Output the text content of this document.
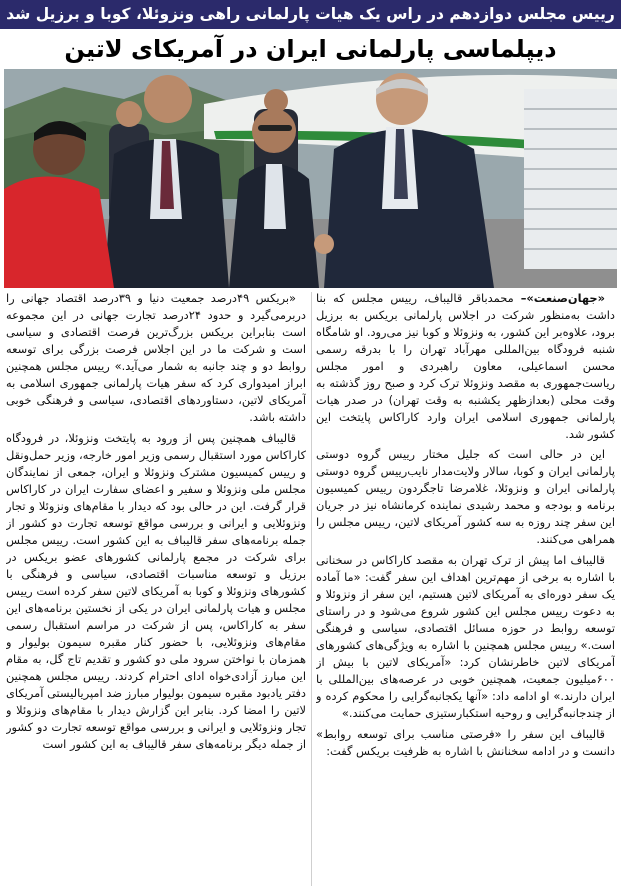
رییس مجلس دوازدهم در راس یک هیات پارلمانی راهی ونزوئلا، کوبا و برزیل شد
دیپلماسی پارلمانی ایران در آمریکای لاتین

«جهان‌صنعت»– محمدباقر قالیباف، رییس مجلس که بنا داشت به‌منظور شرکت در اجلاس پارلمانی بریکس به برزیل برود، علاوه‌بر این کشور، به ونزوئلا و کوبا نیز می‌رود. او شامگاه شنبه فرودگاه بین‌المللی مهرآباد تهران را با بدرقه رسمی محسن اسماعیلی، معاون راهبردی و امور مجلس ریاست‌جمهوری به مقصد ونزوئلا ترک کرد و صبح روز گذشته به وقت محلی (بعدازظهر یکشنبه به وقت تهران) در صدر هیات پارلمانی جمهوری اسلامی ایران وارد کاراکاس پایتخت این کشور شد.

این در حالی است که جلیل مختار رییس گروه دوستی پارلمانی ایران و کوبا، سالار ولایت‌مدار نایب‌رییس گروه دوستی پارلمانی ایران و ونزوئلا، غلامرضا تاجگردون رییس کمیسیون برنامه و بودجه و محمد رشیدی نماینده کرمانشاه نیز در جریان این سفر چند روزه به سه کشور آمریکای لاتین، رییس مجلس را همراهی می‌کنند.

قالیباف اما پیش از ترک تهران به مقصد کاراکاس در سخنانی با اشاره به برخی از مهم‌ترین اهداف این سفر گفت: «ما آماده یک سفر دوره‌ای به آمریکای لاتین هستیم، این سفر از ونزوئلا و به دعوت رییس مجلس این کشور شروع می‌شود و در راستای توسعه روابط در حوزه مسائل اقتصادی، سیاسی و فرهنگی است.» رییس مجلس همچنین با اشاره به ویژگی‌های کشورهای آمریکای لاتین خاطرنشان کرد: «آمریکای لاتین با بیش از ۶۰۰میلیون جمعیت، همچنین خوبی در عرصه‌های بین‌المللی با ایران دارند.» او ادامه داد: «آنها یکجانبه‌گرایی را محکوم کرده و از چندجانبه‌گرایی و روحیه استکبارستیزی حمایت می‌کنند.»

قالیباف این سفر را «فرصتی مناسب برای توسعه روابط» دانست و در ادامه سخنانش با اشاره به ظرفیت بریکس گفت:

«بریکس ۴۹درصد جمعیت دنیا و ۳۹درصد اقتصاد جهانی را دربرمی‌گیرد و حدود ۲۴درصد تجارت جهانی در این مجموعه است بنابراین بریکس بزرگ‌ترین فرصت اقتصادی و سیاسی است و شرکت ما در این اجلاس فرصت بزرگی برای توسعه روابط دو و چند جانبه به شمار می‌آید.» رییس مجلس همچنین ابراز امیدواری کرد که سفر هیات پارلمانی جمهوری اسلامی به آمریکای لاتین، دستاوردهای اقتصادی، سیاسی و فرهنگی خوبی داشته باشد.

قالیباف همچنین پس از ورود به پایتخت ونزوئلا، در فرودگاه کاراکاس مورد استقبال رسمی وزیر امور خارجه، وزیر حمل‌ونقل و رییس کمیسیون مشترک ونزوئلا و ایران، جمعی از نمایندگان مجلس ملی ونزوئلا و سفیر و اعضای سفارت ایران در کاراکاس قرار گرفت. این در حالی بود که دیدار با مقام‌های ونزوئلا و تجار ونزوئلایی و ایرانی و بررسی مواقع توسعه تجارت دو کشور از جمله برنامه‌های سفر قالیباف به این کشور است. رییس مجلس برای شرکت در مجمع پارلمانی کشورهای عضو بریکس در برزیل و توسعه مناسبات اقتصادی، سیاسی و فرهنگی با کشورهای ونزوئلا و کوبا به آمریکای لاتین سفر کرده است رییس مجلس و هیات پارلمانی ایران در یکی از نخستین برنامه‌های این سفر به کاراکاس، پس از شرکت در مراسم استقبال رسمی مقام‌های ونزوئلایی، با حضور کنار مقبره سیمون بولیوار و همزمان با نواختن سرود ملی دو کشور و تقدیم تاج گل، به مقام این مبارز آزادی‌خواه ادای احترام کردند. رییس مجلس همچنین دفتر یادبود مقبره سیمون بولیوار مبارز ضد امپریالیستی آمریکای لاتین را امضا کرد. بنابر این گزارش دیدار با مقام‌های ونزوئلا و تجار ونزوئلایی و ایرانی و بررسی مواقع توسعه تجارت دو کشور از جمله دیگر برنامه‌های سفر قالیباف به این کشور است
